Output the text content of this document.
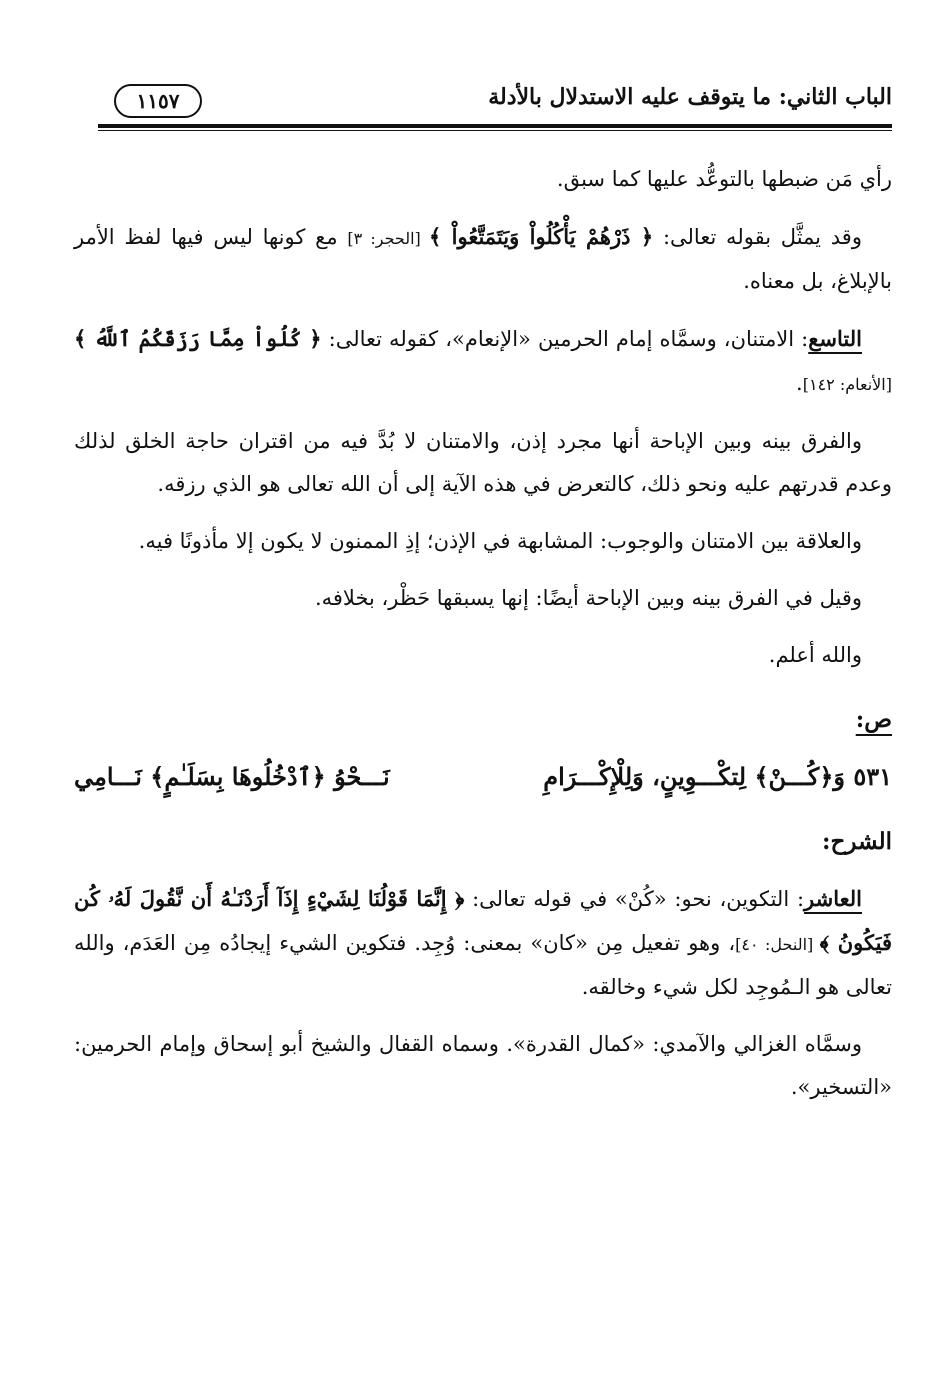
الباب الثاني: ما يتوقف عليه الاستدلال بالأدلة
١١٥٧

رأي مَن ضبطها بالتوعُّد عليها كما سبق.

وقد يمثَّل بقوله تعالى: ﴿ ذَرْهُمْ يَأْكُلُواْ وَيَتَمَتَّعُواْ ﴾ [الحجر: ٣] مع كونها ليس فيها لفظ الأمر بالإبلاغ، بل معناه.

التاسع: الامتنان، وسمَّاه إمام الحرمين «الإنعام»، كقوله تعالى: ﴿ كُلُواْ مِمَّا رَزَقَكُمُ ٱللَّهُ ﴾ [الأنعام: ١٤٢].

والفرق بينه وبين الإباحة أنها مجرد إذن، والامتنان لا بُدَّ فيه من اقتران حاجة الخلق لذلك وعدم قدرتهم عليه ونحو ذلك، كالتعرض في هذه الآية إلى أن الله تعالى هو الذي رزقه.

والعلاقة بين الامتنان والوجوب: المشابهة في الإذن؛ إذِ الممنون لا يكون إلا مأذونًا فيه.

وقيل في الفرق بينه وبين الإباحة أيضًا: إنها يسبقها حَظْر، بخلافه.

والله أعلم.

ص:
٥٣١ وَ﴿كُـــنْ﴾ لِتكْـــوِينٍ، وَلِلْإِكْـــرَامِ
نَـــحْوُ ﴿ٱدْخُلُوهَا بِسَلَـٰمٍ﴾ نَـــامِي
الشرح:

العاشر: التكوين، نحو: «كُنْ» في قوله تعالى: ﴿ إِنَّمَا قَوْلُنَا لِشَيْءٍ إِذَآ أَرَدْنَـٰهُ أَن نَّقُولَ لَهُۥ كُن فَيَكُونُ ﴾ [النحل: ٤٠]، وهو تفعيل مِن «كان» بمعنى: وُجِد. فتكوين الشيء إيجادُه مِن العَدَم، والله تعالى هو الـمُوجِد لكل شيء وخالقه.

وسمَّاه الغزالي والآمدي: «كمال القدرة». وسماه القفال والشيخ أبو إسحاق وإمام الحرمين: «التسخير».
